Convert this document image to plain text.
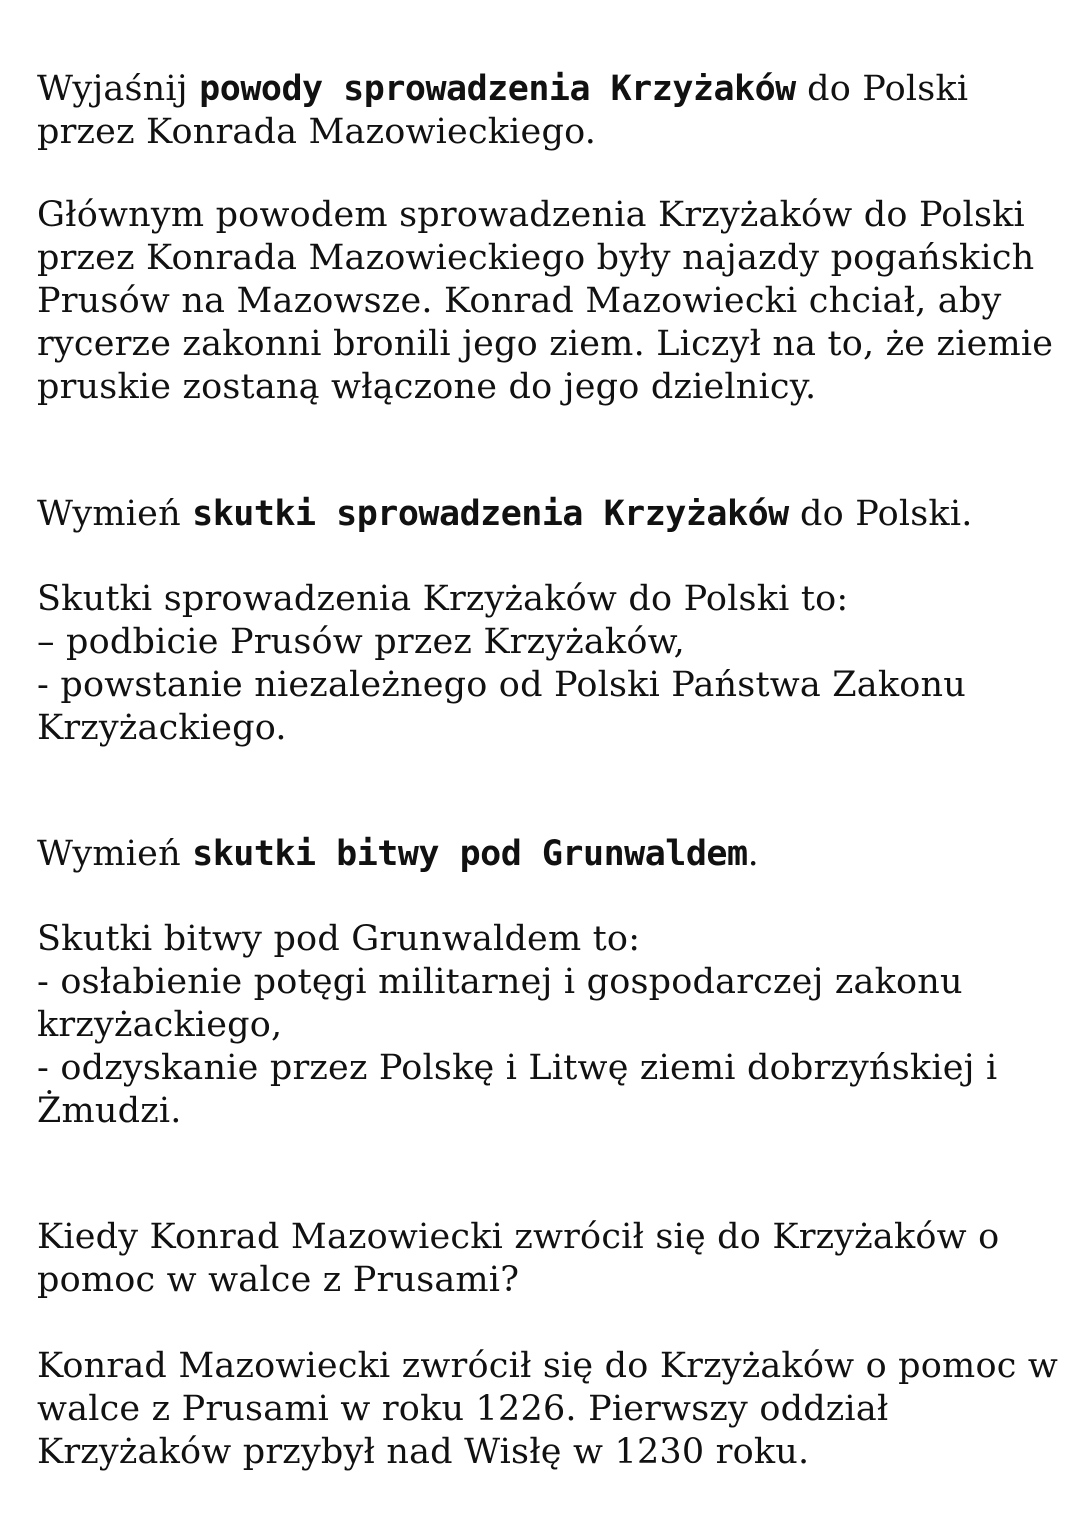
Wyjaśnij powody sprowadzenia Krzyżaków do Polski
przez Konrada Mazowieckiego.

Głównym powodem sprowadzenia Krzyżaków do Polski
przez Konrada Mazowieckiego były najazdy pogańskich
Prusów na Mazowsze. Konrad Mazowiecki chciał, aby
rycerze zakonni bronili jego ziem. Liczył na to, że ziemie
pruskie zostaną włączone do jego dzielnicy.

Wymień skutki sprowadzenia Krzyżaków do Polski.

Skutki sprowadzenia Krzyżaków do Polski to:
– podbicie Prusów przez Krzyżaków,
- powstanie niezależnego od Polski Państwa Zakonu
Krzyżackiego.

Wymień skutki bitwy pod Grunwaldem.

Skutki bitwy pod Grunwaldem to:
- osłabienie potęgi militarnej i gospodarczej zakonu
krzyżackiego,
- odzyskanie przez Polskę i Litwę ziemi dobrzyńskiej i
Żmudzi.

Kiedy Konrad Mazowiecki zwrócił się do Krzyżaków o
pomoc w walce z Prusami?

Konrad Mazowiecki zwrócił się do Krzyżaków o pomoc w
walce z Prusami w roku 1226. Pierwszy oddział
Krzyżaków przybył nad Wisłę w 1230 roku.
